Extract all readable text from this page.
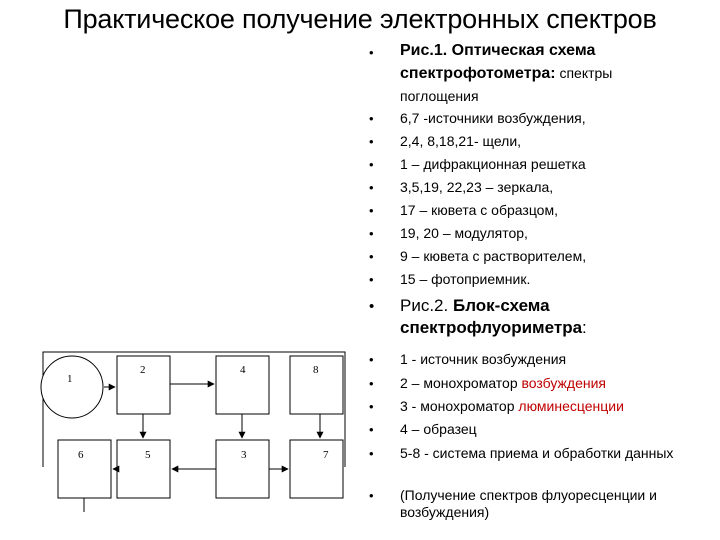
Практическое получение электронных спектров
• Рис.1. Оптическая схема спектрофотометра: спектры поглощения
• 6,7 -источники возбуждения,
• 2,4, 8,18,21- щели,
• 1 – дифракционная решетка
• 3,5,19, 22,23 – зеркала,
• 17 – кювета с образцом,
• 19, 20 – модулятор,
• 9 – кювета с растворителем,
• 15 – фотоприемник.
• Рис.2. Блок-схема спектрофлуориметра:
• 1 - источник возбуждения
• 2 – монохроматор возбуждения
• 3 - монохроматор люминесценции
• 4 – образец
• 5-8 - система приема и обработки данных
• (Получение спектров флуоресценции и возбуждения)
1
2	4	8
6	5	3	7
